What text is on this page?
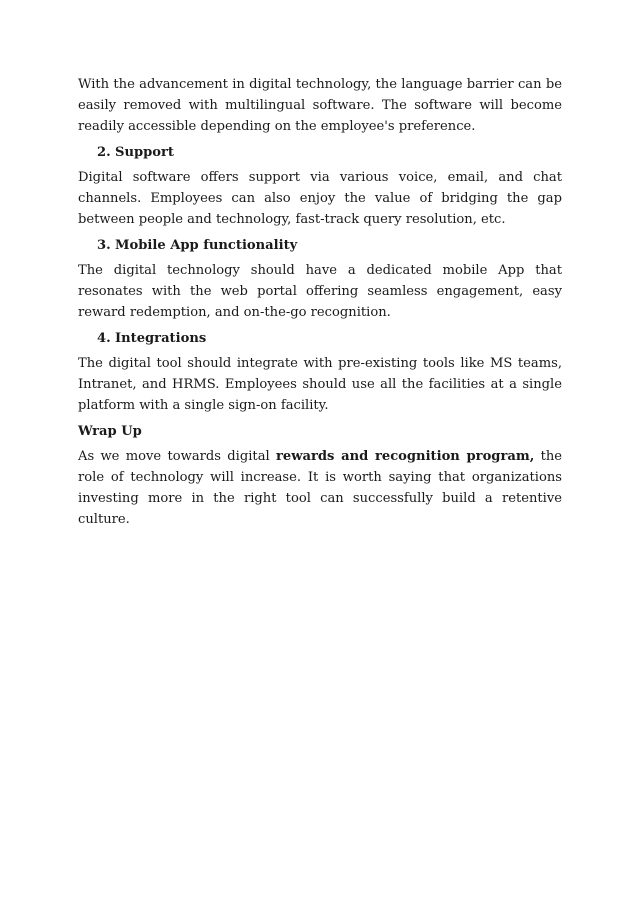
With the advancement in digital technology, the language barrier can be easily removed with multilingual software. The software will become readily accessible depending on the employee's preference.

2. Support

Digital software offers support via various voice, email, and chat channels. Employees can also enjoy the value of bridging the gap between people and technology, fast-track query resolution, etc.

3. Mobile App functionality

The digital technology should have a dedicated mobile App that resonates with the web portal offering seamless engagement, easy reward redemption, and on-the-go recognition.

4. Integrations

The digital tool should integrate with pre-existing tools like MS teams, Intranet, and HRMS. Employees should use all the facilities at a single platform with a single sign-on facility.

Wrap Up

As we move towards digital rewards and recognition program, the role of technology will increase. It is worth saying that organizations investing more in the right tool can successfully build a retentive culture.
